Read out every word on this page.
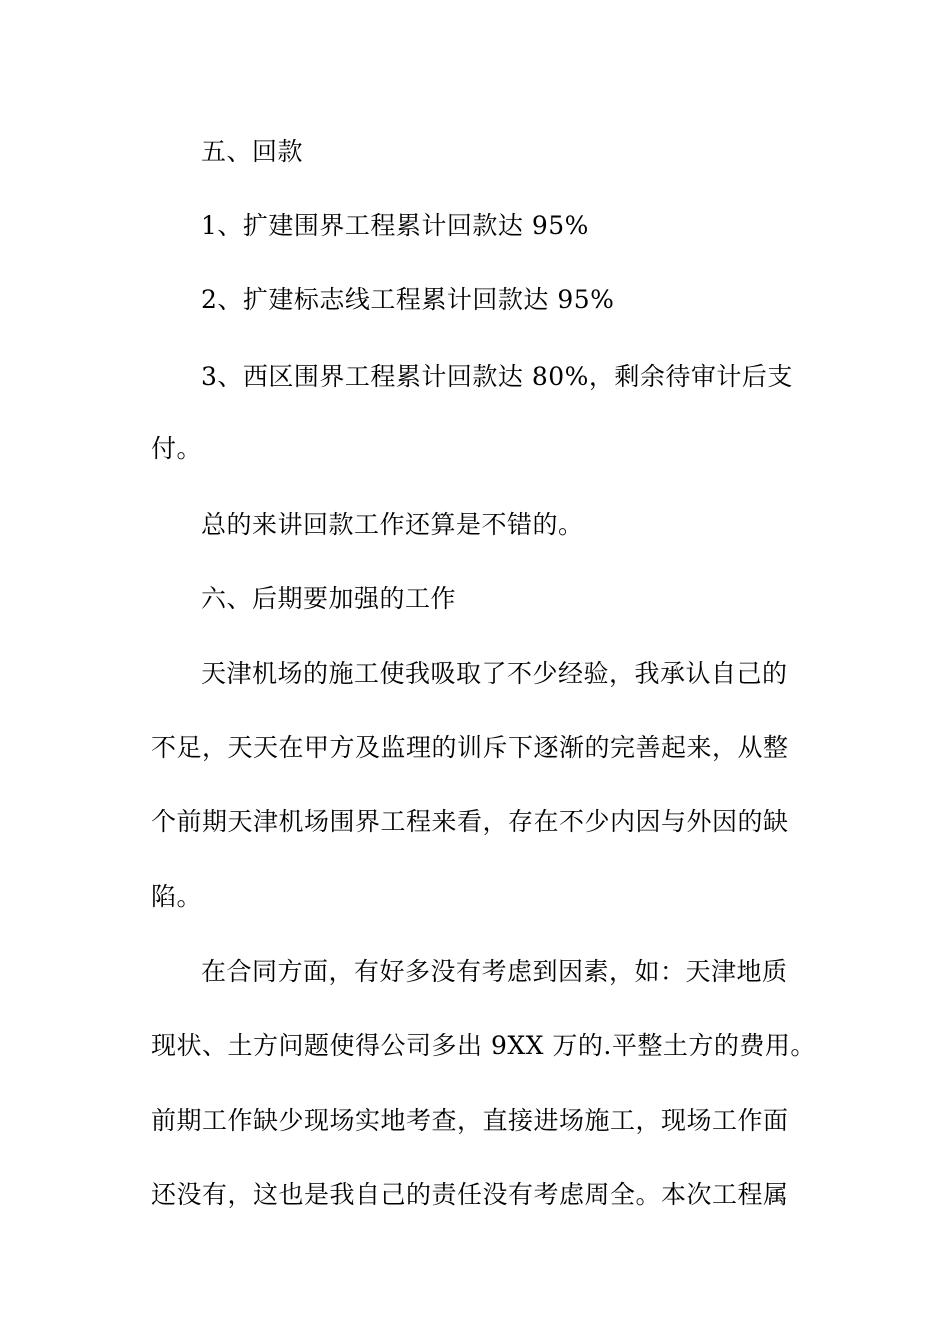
五、回款
1、扩建围界工程累计回款达 95%
2、扩建标志线工程累计回款达 95%
3、西区围界工程累计回款达 80%，剩余待审计后支
付。
总的来讲回款工作还算是不错的。
六、后期要加强的工作
天津机场的施工使我吸取了不少经验，我承认自己的
不足，天天在甲方及监理的训斥下逐渐的完善起来，从整
个前期天津机场围界工程来看，存在不少内因与外因的缺
陷。
在合同方面，有好多没有考虑到因素，如：天津地质
现状、土方问题使得公司多出 9XX 万的.平整土方的费用。
前期工作缺少现场实地考查，直接进场施工，现场工作面
还没有，这也是我自己的责任没有考虑周全。本次工程属
